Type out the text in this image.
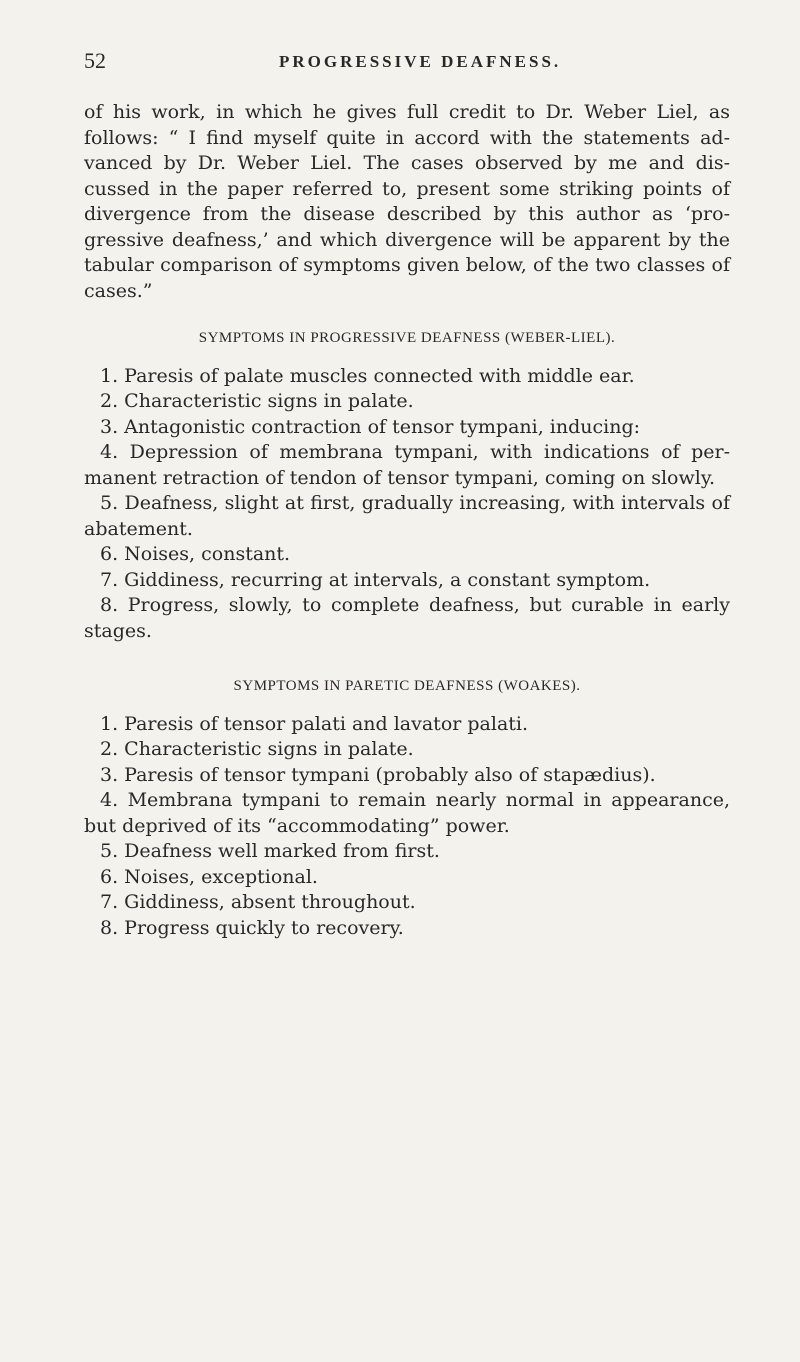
52	PROGRESSIVE DEAFNESS.

of his work, in which he gives full credit to Dr. Weber Liel, as follows: “ I find myself quite in accord with the statements ad-vanced by Dr. Weber Liel. The cases observed by me and dis-cussed in the paper referred to, present some striking points of divergence from the disease described by this author as ‘pro-gressive deafness,’ and which divergence will be apparent by the tabular comparison of symptoms given below, of the two classes of cases.”

SYMPTOMS IN PROGRESSIVE DEAFNESS (WEBER-LIEL).
1. Paresis of palate muscles connected with middle ear.
2. Characteristic signs in palate.
3. Antagonistic contraction of tensor tympani, inducing:
4. Depression of membrana tympani, with indications of per-manent retraction of tendon of tensor tympani, coming on slowly.
5. Deafness, slight at first, gradually increasing, with intervals of abatement.
6. Noises, constant.
7. Giddiness, recurring at intervals, a constant symptom.
8. Progress, slowly, to complete deafness, but curable in early stages.
SYMPTOMS IN PARETIC DEAFNESS (WOAKES).
1. Paresis of tensor palati and lavator palati.
2. Characteristic signs in palate.
3. Paresis of tensor tympani (probably also of stapædius).
4. Membrana tympani to remain nearly normal in appearance, but deprived of its “accommodating” power.
5. Deafness well marked from first.
6. Noises, exceptional.
7. Giddiness, absent throughout.
8. Progress quickly to recovery.
